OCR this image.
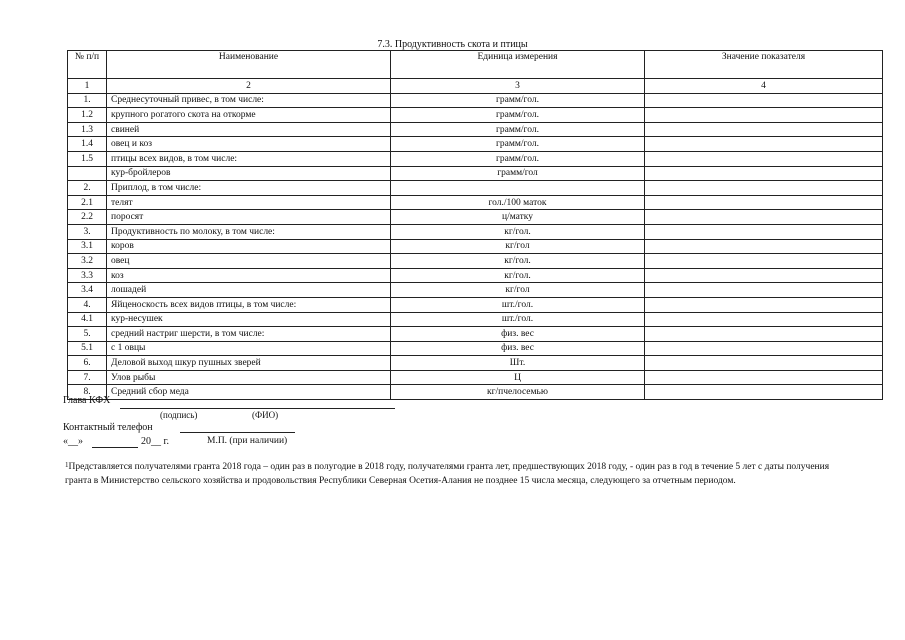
7.3. Продуктивность скота и птицы
№ п/п	Наименование	Единица измерения	Значение показателя
1	2	3	4
1.	Среднесуточный привес, в том числе:	грамм/гол.	
1.2	крупного рогатого скота на откорме	грамм/гол.	
1.3	свиней	грамм/гол.	
1.4	овец и коз	грамм/гол.	
1.5	птицы всех видов, в том числе:	грамм/гол.	
	кур-бройлеров	грамм/гол	
2.	Приплод, в том числе:		
2.1	телят	гол./100 маток	
2.2	поросят	ц/матку	
3.	Продуктивность по молоку, в том числе:	кг/гол.	
3.1	коров	кг/гол	
3.2	овец	кг/гол.	
3.3	коз	кг/гол.	
3.4	лошадей	кг/гол	
4.	Яйценоскость всех видов птицы, в том числе:	шт./гол.	
4.1	кур-несушек	шт./гол.	
5.	средний настриг шерсти, в том числе:	физ. вес	
5.1	с 1 овцы	физ. вес	
6.	Деловой выход шкур пушных зверей	Шт.	
7.	Улов рыбы	Ц	
8.	Средний сбор меда	кг/пчелосемью	
Глава КФХ
(подпись)	(ФИО)
Контактный телефон
«__»	20__ г.	М.П. (при наличии)
$^1$Представляется получателями гранта 2018 года – один раз в полугодие в 2018 году, получателями гранта лет, предшествующих 2018 году, - один раз в год в течение 5 лет с даты получения гранта в Министерство сельского хозяйства и продовольствия Республики Северная Осетия-Алания не позднее 15 числа месяца, следующего за отчетным периодом.
